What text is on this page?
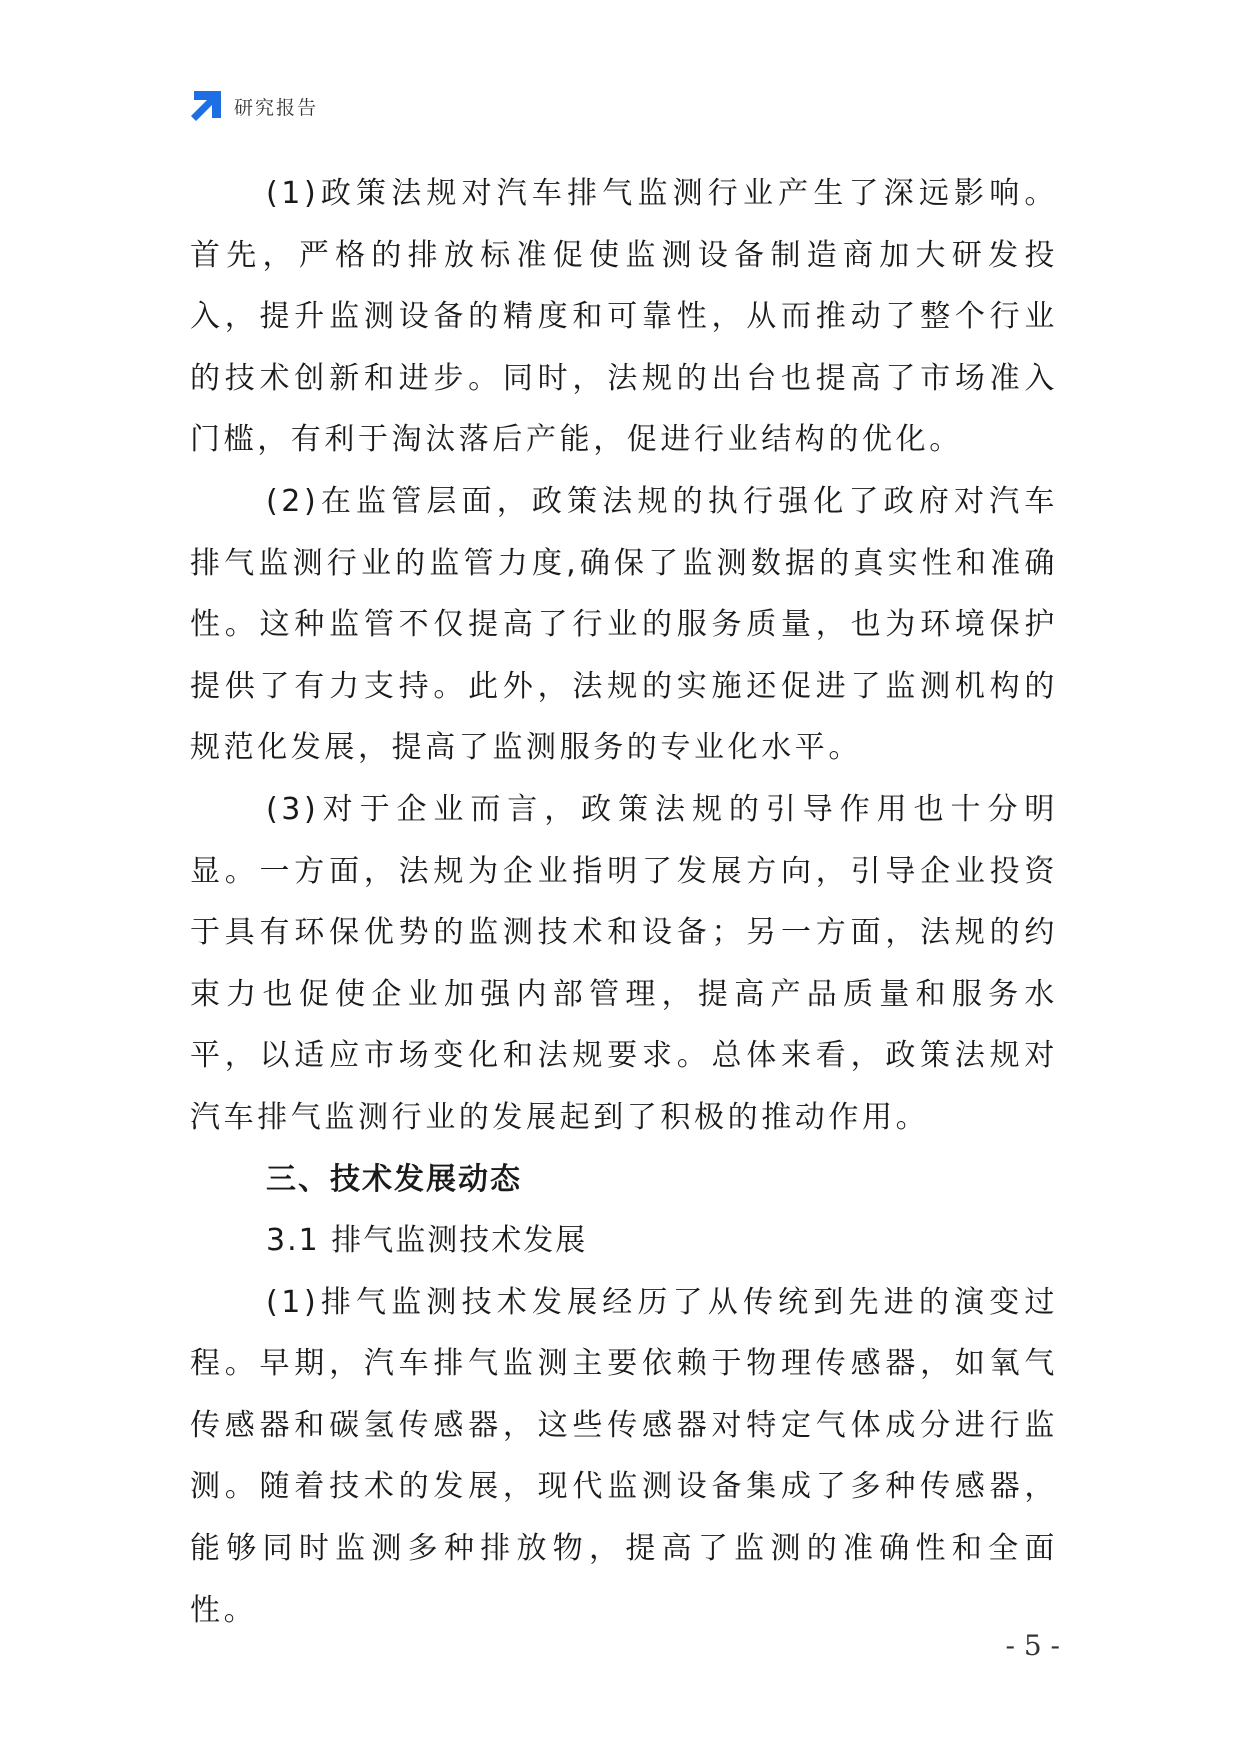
研究报告

(1)政策法规对汽车排气监测行业产生了深远影响。首先，严格的排放标准促使监测设备制造商加大研发投入，提升监测设备的精度和可靠性，从而推动了整个行业的技术创新和进步。同时，法规的出台也提高了市场准入门槛，有利于淘汰落后产能，促进行业结构的优化。

(2)在监管层面，政策法规的执行强化了政府对汽车排气监测行业的监管力度,确保了监测数据的真实性和准确性。这种监管不仅提高了行业的服务质量，也为环境保护提供了有力支持。此外，法规的实施还促进了监测机构的规范化发展，提高了监测服务的专业化水平。

(3)对于企业而言，政策法规的引导作用也十分明显。一方面，法规为企业指明了发展方向，引导企业投资于具有环保优势的监测技术和设备；另一方面，法规的约束力也促使企业加强内部管理，提高产品质量和服务水平，以适应市场变化和法规要求。总体来看，政策法规对汽车排气监测行业的发展起到了积极的推动作用。

三、技术发展动态

3.1 排气监测技术发展

(1)排气监测技术发展经历了从传统到先进的演变过程。早期，汽车排气监测主要依赖于物理传感器，如氧气传感器和碳氢传感器，这些传感器对特定气体成分进行监测。随着技术的发展，现代监测设备集成了多种传感器，能够同时监测多种排放物，提高了监测的准确性和全面性。

- 5 -
